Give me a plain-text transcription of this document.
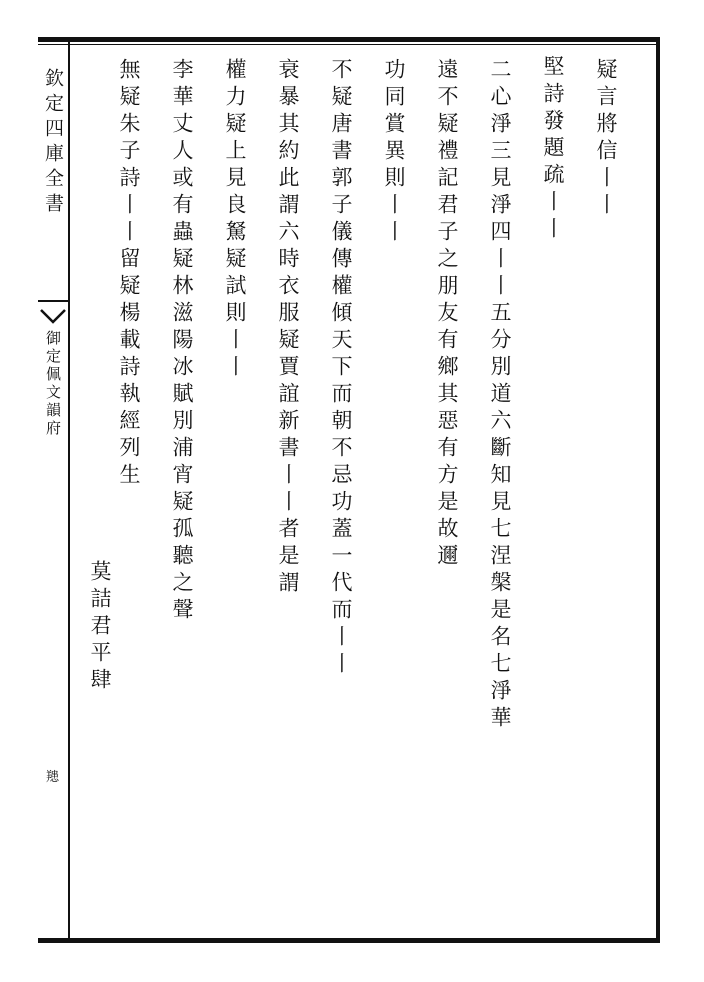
欽定四庫全書
御定佩文韻府
䍺
疑言將信丨丨
堅詩發題疏丨丨
二心淨三見淨四丨丨五分別道六斷知見七涅槃是名七淨華
遠不疑禮記君子之朋友有鄉其惡有方是故邇
功同賞異則丨丨
不疑唐書郭子儀傳權傾天下而朝不忌功蓋一代而丨丨
衰暴其約此謂六時衣服疑賈誼新書丨丨者是謂
權力疑上見良駑疑試則丨丨
李華丈人或有蟲疑林滋陽冰賦別浦宵疑孤聽之聲
無疑朱子詩丨丨留疑楊載詩執經列生
莫詰君平肆
